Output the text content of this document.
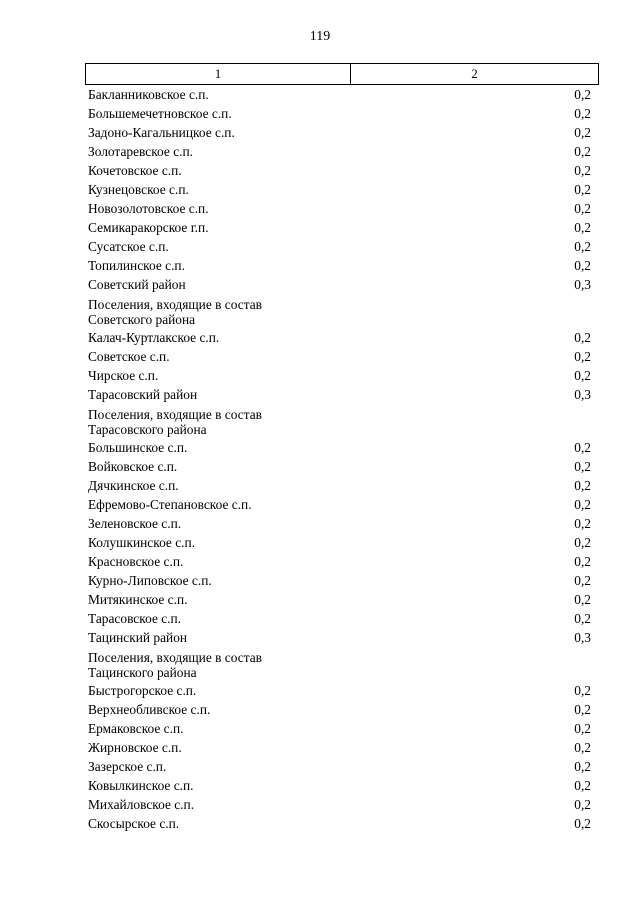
119
1	2
Бакланниковское с.п.	0,2
Большемечетновское с.п.	0,2
Задоно-Кагальницкое с.п.	0,2
Золотаревское с.п.	0,2
Кочетовское с.п.	0,2
Кузнецовское с.п.	0,2
Новозолотовское с.п.	0,2
Семикаракорское г.п.	0,2
Сусатское с.п.	0,2
Топилинское с.п.	0,2
Советский район	0,3
Поселения, входящие в состав
Советского района
Калач-Куртлакское с.п.	0,2
Советское с.п.	0,2
Чирское с.п.	0,2
Тарасовский район	0,3
Поселения, входящие в состав
Тарасовского района
Большинское с.п.	0,2
Войковское с.п.	0,2
Дячкинское с.п.	0,2
Ефремово-Степановское с.п.	0,2
Зеленовское с.п.	0,2
Колушкинское с.п.	0,2
Красновское с.п.	0,2
Курно-Липовское с.п.	0,2
Митякинское с.п.	0,2
Тарасовское с.п.	0,2
Тацинский район	0,3
Поселения, входящие в состав
Тацинского района
Быстрогорское с.п.	0,2
Верхнеобливское с.п.	0,2
Ермаковское с.п.	0,2
Жирновское с.п.	0,2
Зазерское с.п.	0,2
Ковылкинское с.п.	0,2
Михайловское с.п.	0,2
Скосырское с.п.	0,2
